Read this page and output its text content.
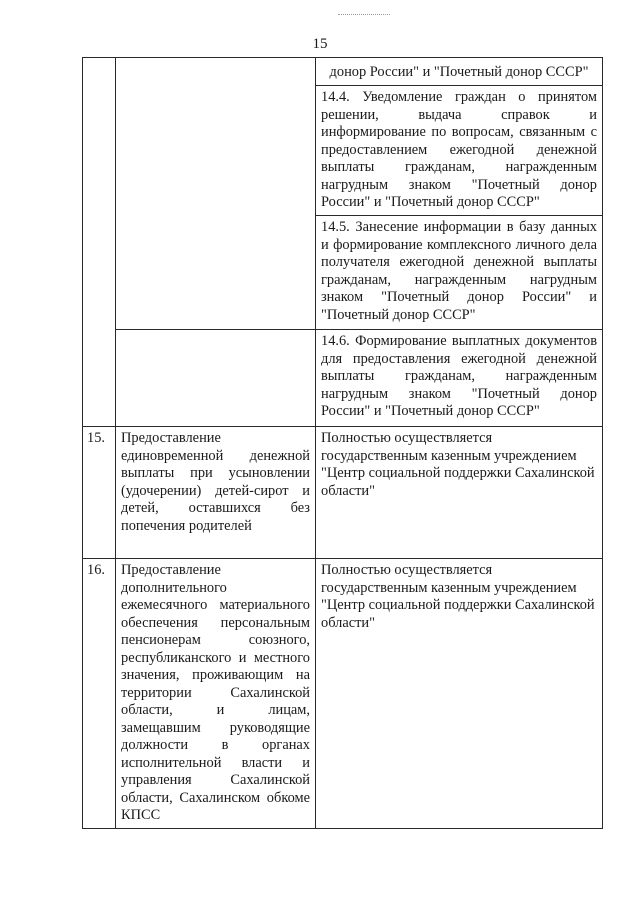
15
		донор России" и "Почетный донор СССР"
		14.4. Уведомление граждан о принятом решении, выдача справок и информирование по вопросам, связанным с предоставлением ежегодной денежной выплаты гражданам, награжденным нагрудным знаком "Почетный донор России" и "Почетный донор СССР"
		14.5. Занесение информации в базу данных и формирование комплексного личного дела получателя ежегодной денежной выплаты гражданам, награжденным нагрудным знаком "Почетный донор России" и "Почетный донор СССР"
		14.6. Формирование выплатных документов для предоставления ежегодной денежной выплаты гражданам, награжденным нагрудным знаком "Почетный донор России" и "Почетный донор СССР"
15.	Предоставление единовременной денежной выплаты при усыновлении (удочерении) детей-сирот и детей, оставшихся без попечения родителей	Полностью осуществляется государственным казенным учреждением "Центр социальной поддержки Сахалинской области"
16.	Предоставление дополнительного ежемесячного материального обеспечения персональным пенсионерам союзного, республиканского и местного значения, проживающим на территории Сахалинской области, и лицам, замещавшим руководящие должности в органах исполнительной власти и управления Сахалинской области, Сахалинском обкоме КПСС	Полностью осуществляется государственным казенным учреждением "Центр социальной поддержки Сахалинской области"
